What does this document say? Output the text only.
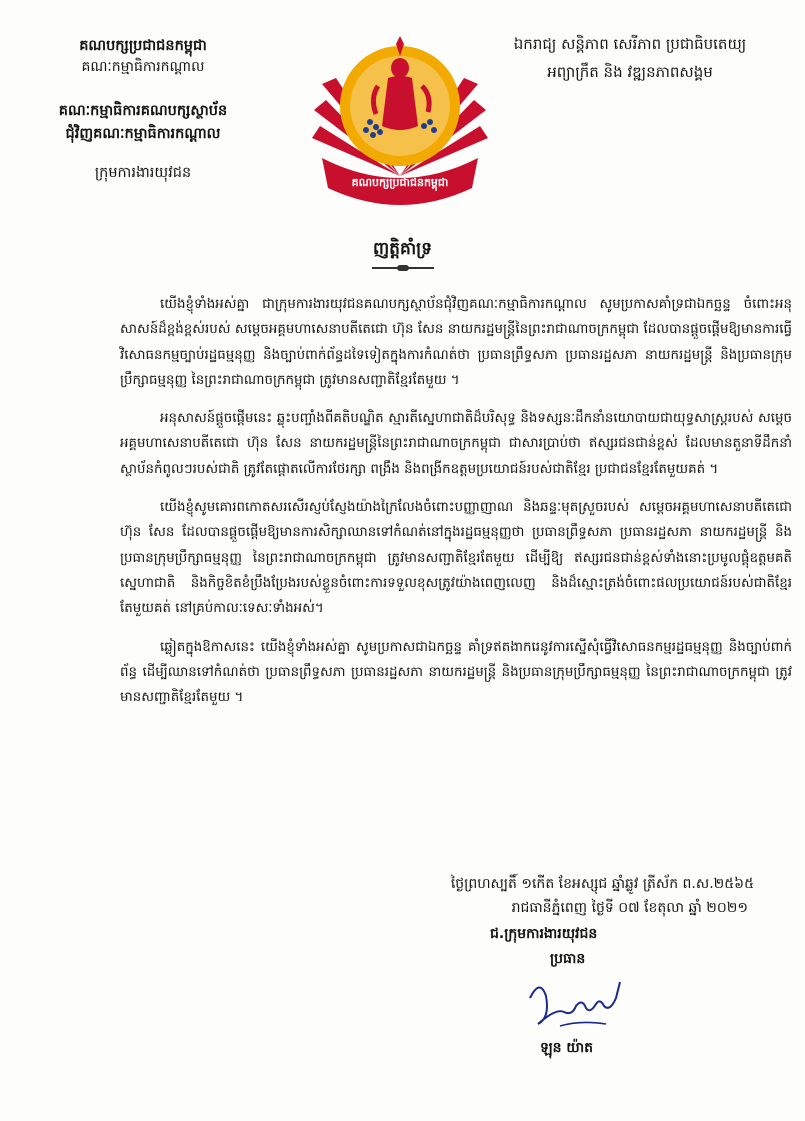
គណបក្សប្រជាជនកម្ពុជា
គណៈកម្មាធិការកណ្តាល
គណៈកម្មាធិការគណបក្សស្ថាប័ន
ជុំវិញគណៈកម្មាធិការកណ្តាល
ក្រុមការងារយុវជន
គណបក្សប្រជាជនកម្ពុជា
ឯករាជ្យ សន្តិភាព សេរីភាព ប្រជាធិបតេយ្យ
អព្យាក្រឹត និង វឌ្ឍនភាពសង្គម
ញត្តិគាំទ្រ

យើងខ្ញុំទាំងអស់គ្នា ជាក្រុមការងារយុវជនគណបក្សស្ថាប័នជុំវិញគណៈកម្មាធិការកណ្តាល សូមប្រកាសគាំទ្រជាឯកច្ឆន្ទ ចំពោះអនុសាសន៍ដ៏ខ្ពង់ខ្ពស់របស់ សម្តេចអគ្គមហាសេនាបតីតេជោ ហ៊ុន សែន នាយករដ្ឋមន្ត្រីនៃព្រះរាជាណាចក្រកម្ពុជា ដែលបានផ្តួចផ្តើមឱ្យមានការធ្វើវិសោធនកម្មច្បាប់រដ្ឋធម្មនុញ្ញ និងច្បាប់ពាក់ព័ន្ធដទៃទៀតក្នុងការកំណត់ថា ប្រធានព្រឹទ្ធសភា ប្រធានរដ្ឋសភា នាយករដ្ឋមន្ត្រី និងប្រធានក្រុមប្រឹក្សាធម្មនុញ្ញ នៃព្រះរាជាណាចក្រកម្ពុជា ត្រូវមានសញ្ជាតិខ្មែរតែមួយ ។

អនុសាសន៍ផ្តួចផ្តើមនេះ ឆ្លុះបញ្ចាំងពីគតិបណ្ឌិត ស្មារតីស្នេហាជាតិដ៏បរិសុទ្ធ និងទស្សនៈដឹកនាំនយោបាយជាយុទ្ធសាស្ត្ររបស់ សម្តេចអគ្គមហាសេនាបតីតេជោ ហ៊ុន សែន នាយករដ្ឋមន្ត្រីនៃព្រះរាជាណាចក្រកម្ពុជា ជាសារប្រាប់ថា ឥស្សរជនជាន់ខ្ពស់ ដែលមានតួនាទីដឹកនាំស្ថាប័នកំពូលៗរបស់ជាតិ ត្រូវតែផ្តោតលើការថែរក្សា ពង្រឹង និងពង្រីកឧត្តមប្រយោជន៍របស់ជាតិខ្មែរ ប្រជាជនខ្មែរតែមួយគត់ ។

យើងខ្ញុំសូមគោរពកោតសរសើរស្ញប់ស្ញែងយ៉ាងក្រៃលែងចំពោះបញ្ញាញាណ និងឆន្ទៈមុតស្រួចរបស់ សម្តេចអគ្គមហាសេនាបតីតេជោ ហ៊ុន សែន ដែលបានផ្តួចផ្តើមឱ្យមានការសិក្សាឈានទៅកំណត់នៅក្នុងរដ្ឋធម្មនុញ្ញថា ប្រធានព្រឹទ្ធសភា ប្រធានរដ្ឋសភា នាយករដ្ឋមន្ត្រី និងប្រធានក្រុមប្រឹក្សាធម្មនុញ្ញ នៃព្រះរាជាណាចក្រកម្ពុជា ត្រូវមានសញ្ជាតិខ្មែរតែមួយ ដើម្បីឱ្យ ឥស្សរជនជាន់ខ្ពស់ទាំងនោះប្រមូលផ្តុំឧត្តមគតិស្នេហាជាតិ និងកិច្ចខិតខំប្រឹងប្រែងរបស់ខ្លួនចំពោះការទទួលខុសត្រូវយ៉ាងពេញលេញ និងដ៏ស្មោះត្រង់ចំពោះផលប្រយោជន៍របស់ជាតិខ្មែរតែមួយគត់ នៅគ្រប់កាលៈទេសៈទាំងអស់។

ឆ្លៀតក្នុងឱកាសនេះ យើងខ្ញុំទាំងអស់គ្នា សូមប្រកាសជាឯកច្ឆន្ទ គាំទ្រឥតងាករេនូវការស្នើសុំធ្វើវិសោធនកម្មរដ្ឋធម្មនុញ្ញ និងច្បាប់ពាក់ព័ន្ធ ដើម្បីឈានទៅកំណត់ថា ប្រធានព្រឹទ្ធសភា ប្រធានរដ្ឋសភា នាយករដ្ឋមន្ត្រី និងប្រធានក្រុមប្រឹក្សាធម្មនុញ្ញ នៃព្រះរាជាណាចក្រកម្ពុជា ត្រូវមានសញ្ជាតិខ្មែរតែមួយ ។

ថ្ងៃព្រហស្បតិ៍ ១កើត ខែអស្សុជ ឆ្នាំឆ្លូវ ត្រីស័ក ព.ស.២៥៦៥
រាជធានីភ្នំពេញ ថ្ងៃទី ០៧ ខែតុលា ឆ្នាំ ២០២១
ជ.ក្រុមការងារយុវជន
ប្រធាន
ឡុន យ៉ាត
